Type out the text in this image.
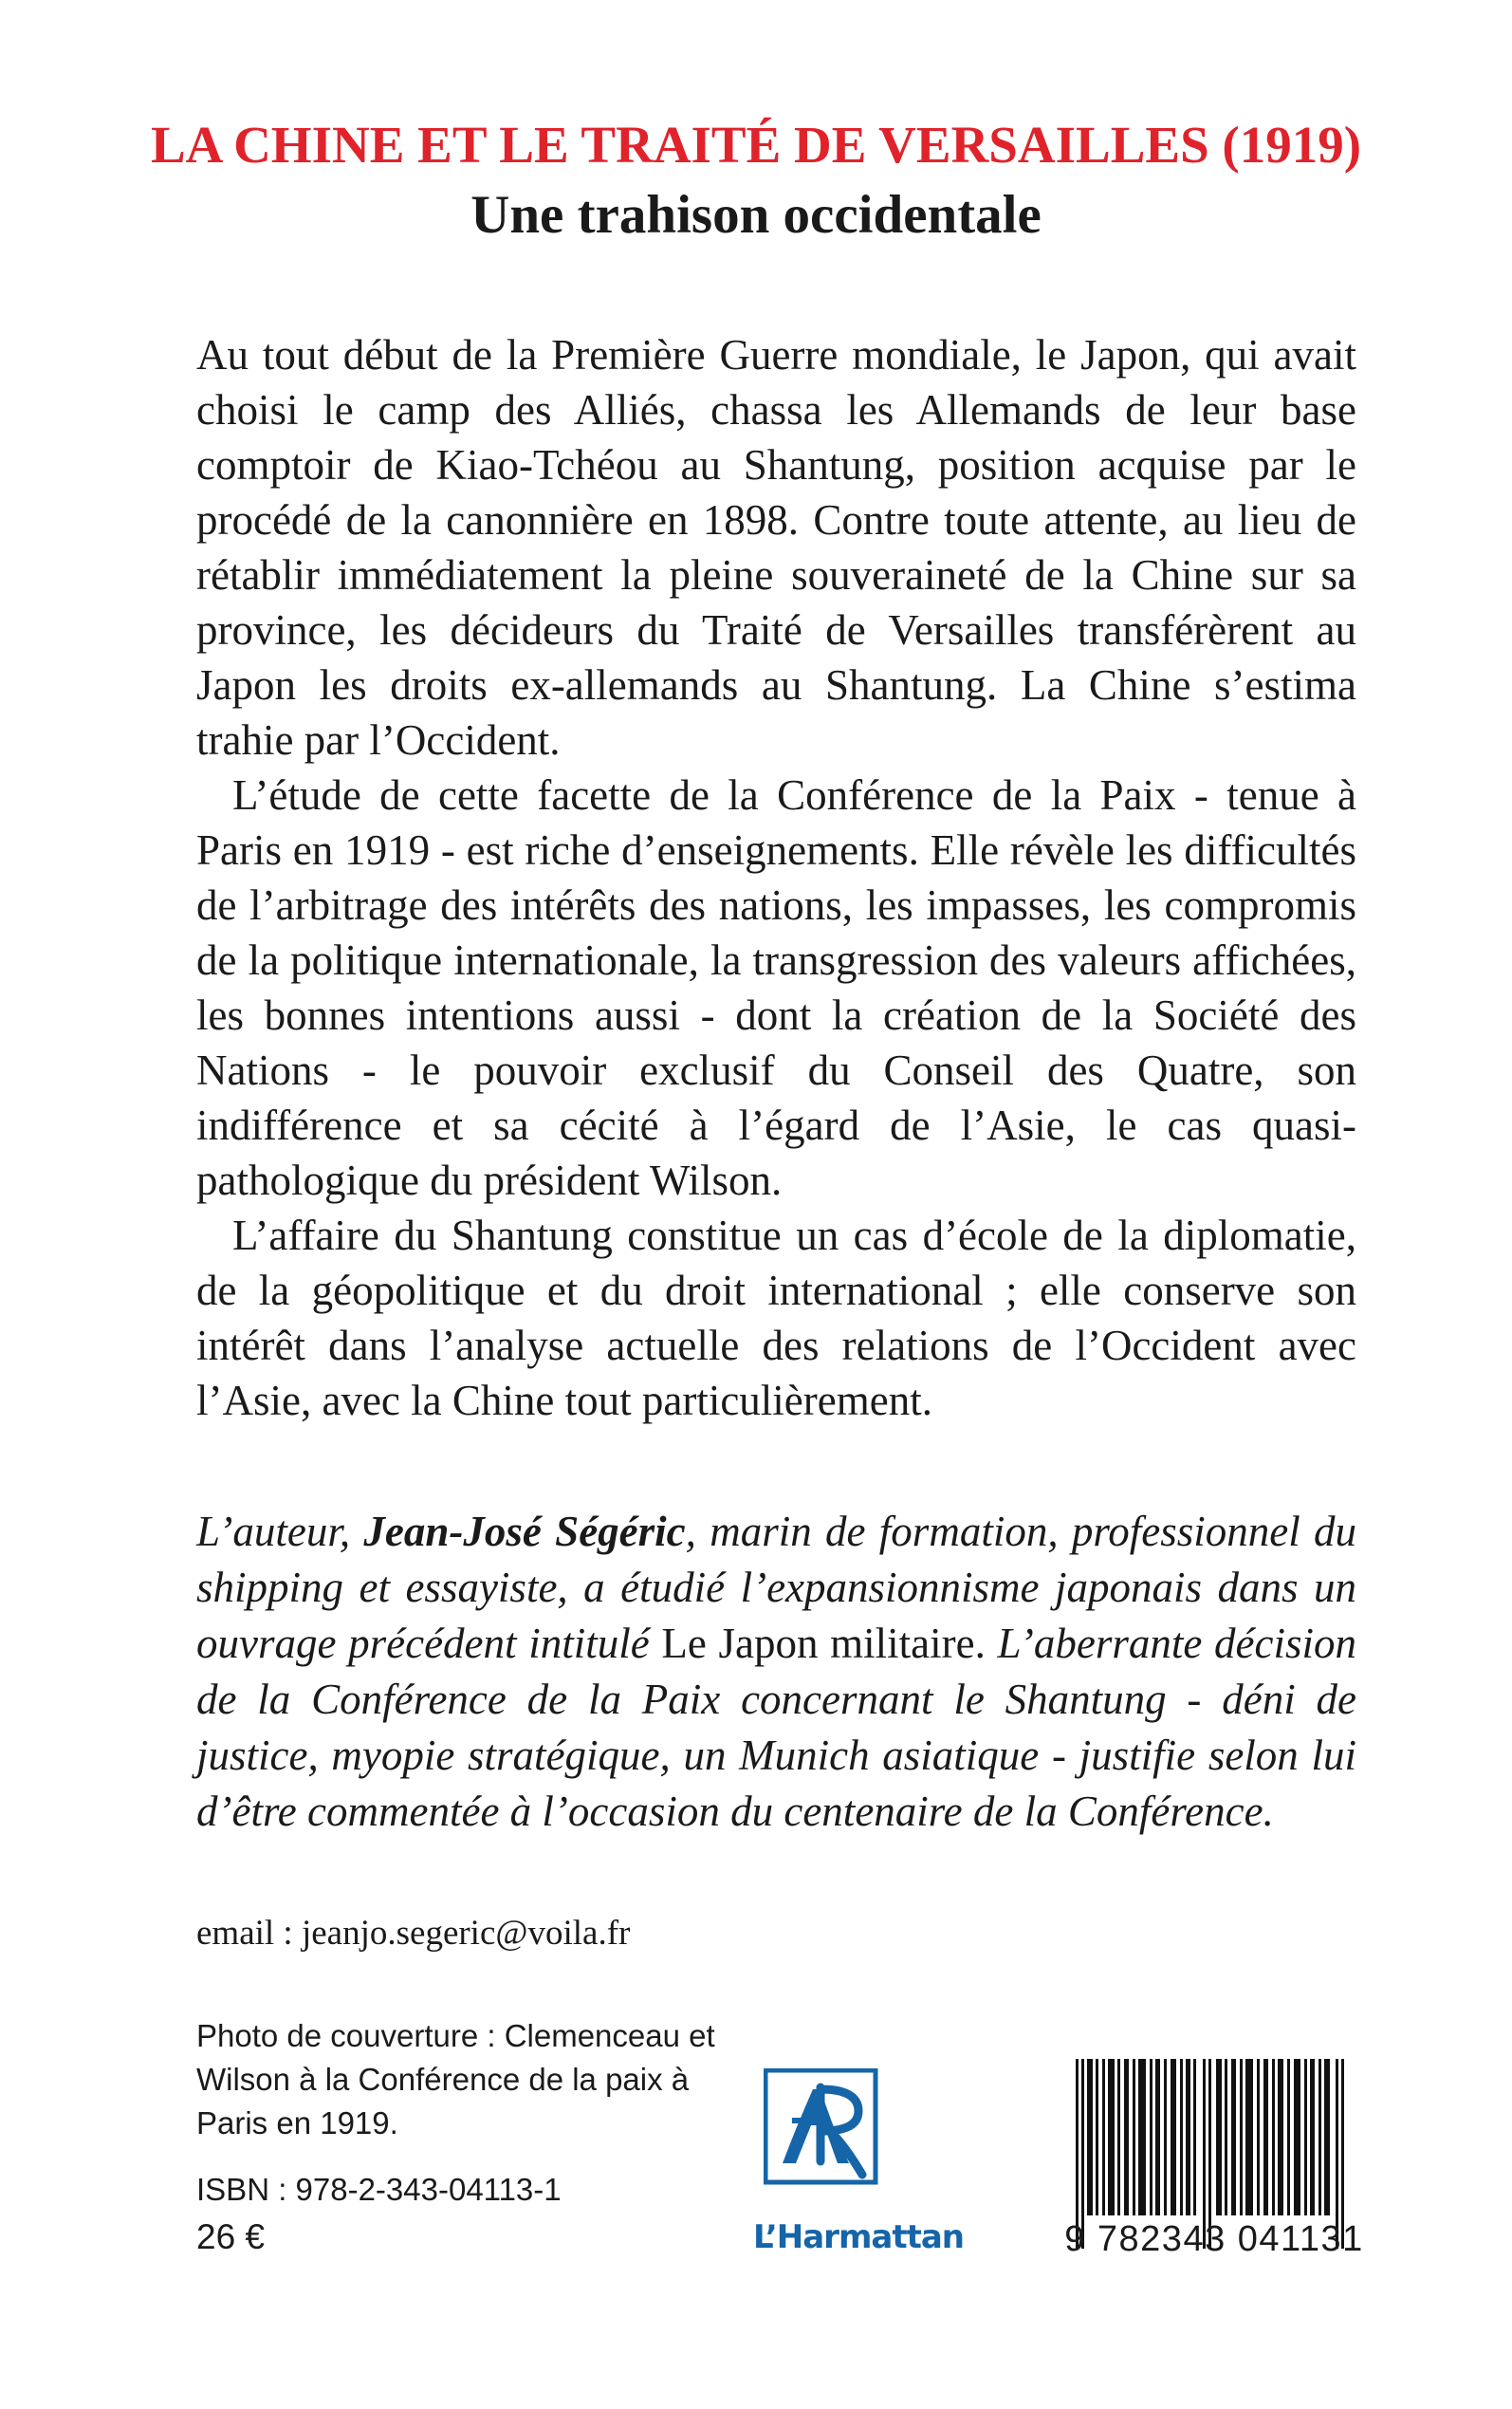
LA CHINE ET LE TRAITÉ DE VERSAILLES (1919)
Une trahison occidentale

Au tout début de la Première Guerre mondiale, le Japon, qui avait choisi le camp des Alliés, chassa les Allemands de leur base comptoir de Kiao-Tchéou au Shantung, position acquise par le procédé de la canonnière en 1898. Contre toute attente, au lieu de rétablir immédiatement la pleine souveraineté de la Chine sur sa province, les décideurs du Traité de Versailles transférèrent au Japon les droits ex-allemands au Shantung. La Chine s’estima trahie par l’Occident.

L’étude de cette facette de la Conférence de la Paix - tenue à Paris en 1919 - est riche d’enseignements. Elle révèle les difficultés de l’arbitrage des intérêts des nations, les impasses, les compromis de la politique internationale, la transgression des valeurs affichées, les bonnes intentions aussi - dont la création de la Société des Nations - le pouvoir exclusif du Conseil des Quatre, son indifférence et sa cécité à l’égard de l’Asie, le cas quasi-pathologique du président Wilson.

L’affaire du Shantung constitue un cas d’école de la diplomatie, de la géopolitique et du droit international ; elle conserve son intérêt dans l’analyse actuelle des relations de l’Occident avec l’Asie, avec la Chine tout particulièrement.

L’auteur, Jean-José Ségéric, marin de formation, professionnel du shipping et essayiste, a étudié l’expansionnisme japonais dans un ouvrage précédent intitulé Le Japon militaire. L’aberrante décision de la Conférence de la Paix concernant le Shantung - déni de justice, myopie stratégique, un Munich asiatique - justifie selon lui d’être commentée à l’occasion du centenaire de la Conférence.

email : jeanjo.segeric@voila.fr

Photo de couverture : Clemenceau et Wilson à la Conférence de la paix à Paris en 1919.

ISBN : 978-2-343-04113-1

26 €	L’Harmattan	9 782343 041131
